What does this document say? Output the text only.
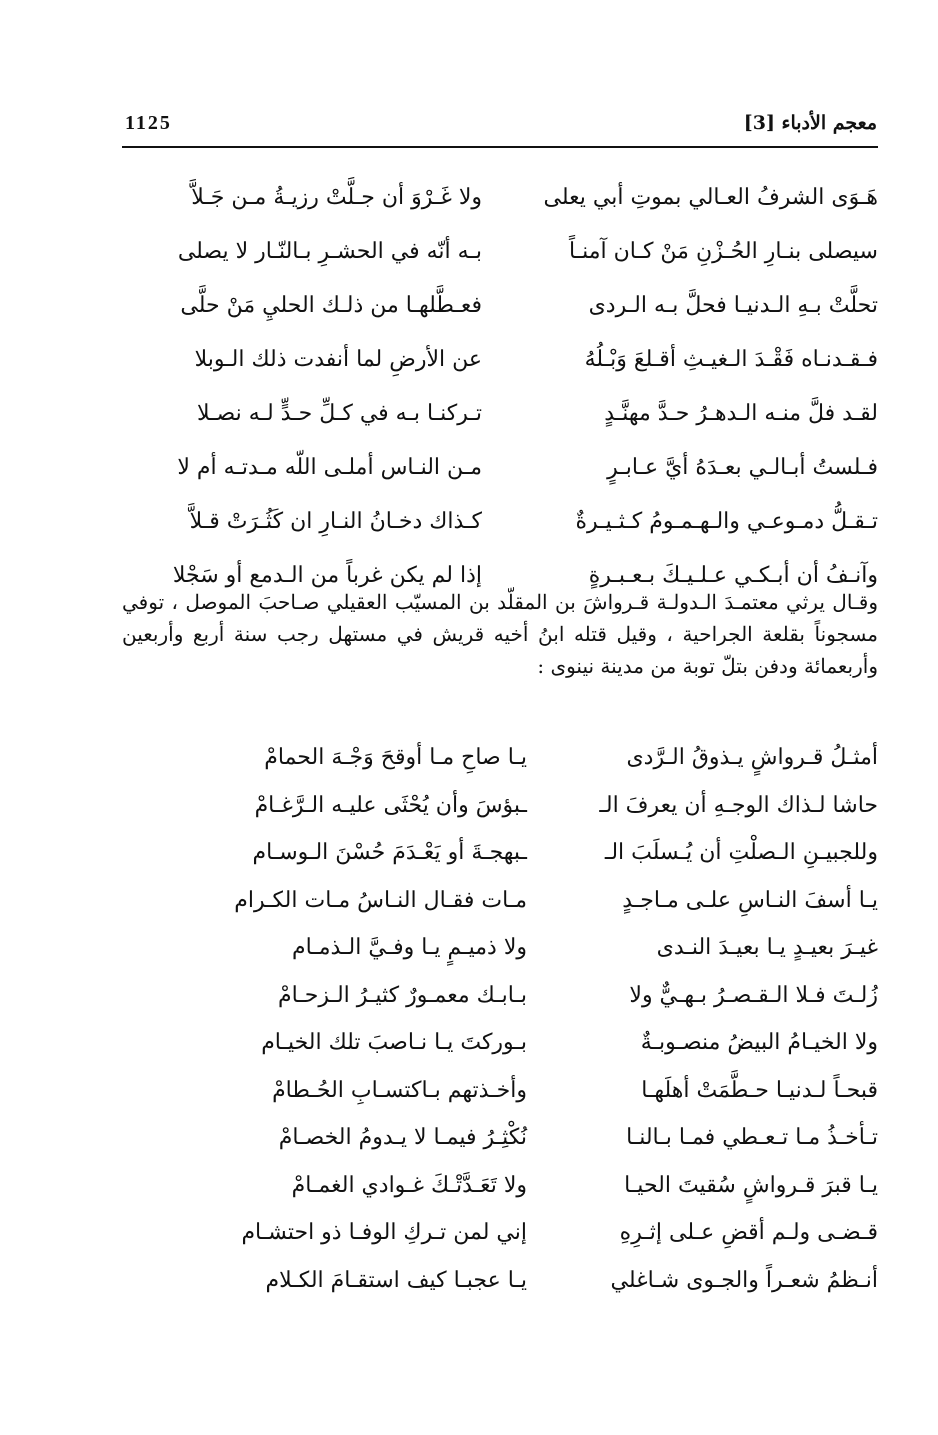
1125	معجم الأدباء [3]
هَـوَى الشرفُ العـالي بموتِ أبي يعلى
ولا غَـرْوَ أن جـلَّتْ رزيـةُ مـن جَـلاَّ
سيصلى بنـارِ الحُـزْنِ مَنْ كـان آمنـاً
بـه أنّه في الحشـرِ بـالنّـار لا يصلى
تحلَّتْ بـهِ الـدنيـا فحلَّ بـه الـردى
فعـطَّلهـا من ذلـك الحليِ مَنْ حلَّى
فـقـدنـاه فَقْـدَ الـغيـثِ أقـلعَ وَبْـلُهُ
عن الأرضِ لما أنفدت ذلك الـوبلا
لقـد فلَّ منـه الـدهـرُ حـدَّ مهنَّـدٍ
تـركنـا بـه في كـلِّ حـدٍّ لـه نصـلا
فـلستُ أبـالـي بعـدَهُ أيَّ عـابـرٍ
مـن النـاس أملـى اللّه مـدتـه أم لا
تـقـلُّ دمـوعـي والـهـمـومُ كـثـيـرةٌ
كـذاك دخـانُ النـارِ ان كَثُـرَتْ قـلاَّ
وآنـفُ أن أبـكـي عـلـيـكَ بـعـبـرةٍ
إذا لم يكن غرباً من الـدمع أو سَجْلا

وقـال يرثي معتمـدَ الـدولـة قـرواشَ بن المقلّد بن المسيّب العقيلي صـاحبَ الموصل ، توفي مسجوناً بقلعة الجراحية ، وقيل قتله ابنُ أخيه قريش في مستهل رجب سنة أربع وأربعين وأربعمائة ودفن بتلّ توبة من مدينة نينوى :

أمثـلُ قـرواشٍ يـذوقُ الـرَّدى
يـا صاحِ مـا أوقحَ وَجْـهَ الحمامْ
حاشا لـذاك الوجـهِ أن يعرفَ الـ
ـبؤسَ وأن يُحْثَى عليـه الـرَّغـامْ
وللجبيـنِ الـصلْتِ أن يُـسلَبَ الـ
ـبهجـةَ أو يَعْـدَمَ حُسْنَ الـوسـام
يـا أسفَ النـاسِ علـى مـاجـدٍ
مـات فقـال النـاسُ مـات الكـرام
غيـرَ بعيـدٍ يـا بعيـدَ النـدى
ولا ذميـمٍ يـا وفـيَّ الـذمـام
زُلـتَ فـلا الـقـصـرُ بـهـيٌّ ولا
بـابـك معمـورٌ كثيـرُ الـزحـامْ
ولا الخيـامُ البيضُ منصـوبـةٌ
بـوركتَ يـا نـاصبَ تلك الخيـام
قبحـاً لـدنيـا حـطَّمَتْ أهلَهـا
وأخـذتهم بـاكتسـابِ الحُـطامْ
تـأخـذُ مـا تـعـطي فمـا بـالنـا
نُكْثِـرُ فيمـا لا يـدومُ الخصـامْ
يـا قبرَ قـرواشٍ سُقيتَ الحيـا
ولا تَعَـدَّتْـكَ غـوادي الغمـامْ
قـضـى ولـم أقضِ عـلى إثـرِهِ
إني لمن تـركِ الوفـا ذو احتشـام
أنـظمُ شعـراً والجـوى شـاغلي
يـا عجبـا كيف استقـامَ الكـلام
